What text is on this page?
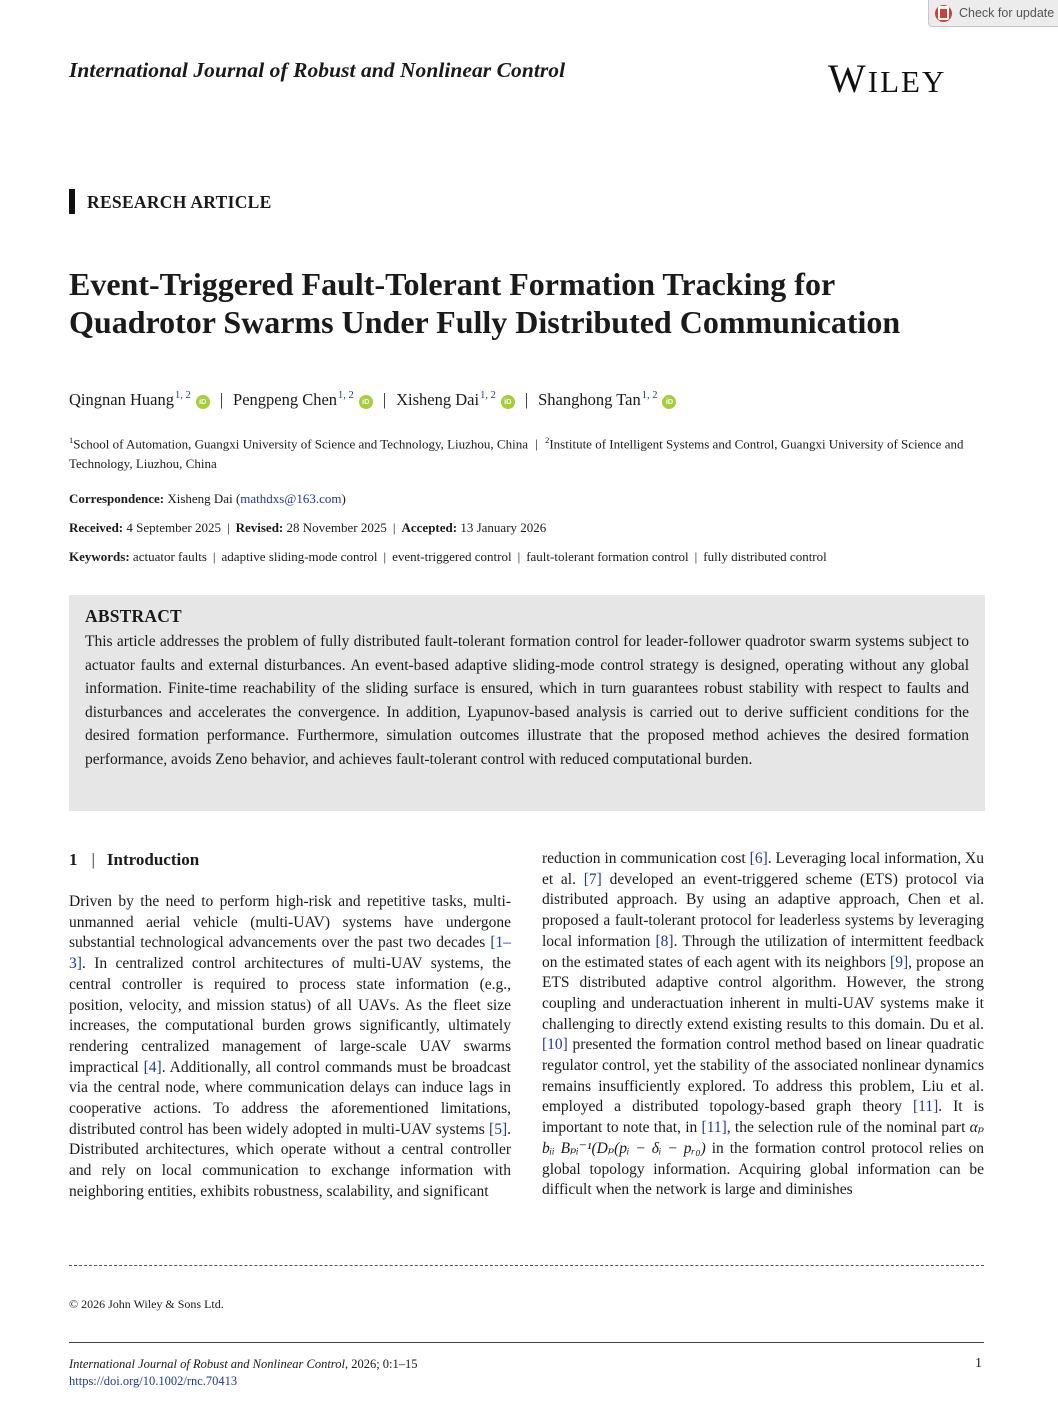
Check for update
International Journal of Robust and Nonlinear Control	WILEY
RESEARCH ARTICLE
Event-Triggered Fault-Tolerant Formation Tracking for Quadrotor Swarms Under Fully Distributed Communication
Qingnan Huang$^{1, 2}$iD | Pengpeng Chen$^{1, 2}$iD | Xisheng Dai$^{1, 2}$iD | Shanghong Tan$^{1, 2}$iD
$^1$School of Automation, Guangxi University of Science and Technology, Liuzhou, China | $^2$Institute of Intelligent Systems and Control, Guangxi University of Science and Technology, Liuzhou, China
Correspondence: Xisheng Dai (mathdxs@163.com)
Received: 4 September 2025 | Revised: 28 November 2025 | Accepted: 13 January 2026
Keywords: actuator faults | adaptive sliding-mode control | event-triggered control | fault-tolerant formation control | fully distributed control
ABSTRACT
This article addresses the problem of fully distributed fault-tolerant formation control for leader-follower quadrotor swarm systems subject to actuator faults and external disturbances. An event-based adaptive sliding-mode control strategy is designed, operating without any global information. Finite-time reachability of the sliding surface is ensured, which in turn guarantees robust stability with respect to faults and disturbances and accelerates the convergence. In addition, Lyapunov-based analysis is carried out to derive sufficient conditions for the desired formation performance. Furthermore, simulation outcomes illustrate that the proposed method achieves the desired formation performance, avoids Zeno behavior, and achieves fault-tolerant control with reduced computational burden.
1 | Introduction
Driven by the need to perform high-risk and repetitive tasks, multi-unmanned aerial vehicle (multi-UAV) systems have undergone substantial technological advancements over the past two decades [1–3]. In centralized control architectures of multi-UAV systems, the central controller is required to process state information (e.g., position, velocity, and mission status) of all UAVs. As the fleet size increases, the computational burden grows significantly, ultimately rendering centralized management of large-scale UAV swarms impractical [4]. Additionally, all control commands must be broadcast via the central node, where communication delays can induce lags in cooperative actions. To address the aforementioned limitations, distributed control has been widely adopted in multi-UAV systems [5]. Distributed architectures, which operate without a central controller and rely on local communication to exchange information with neighboring entities, exhibits robustness, scalability, and significant
reduction in communication cost [6]. Leveraging local information, Xu et al. [7] developed an event-triggered scheme (ETS) protocol via distributed approach. By using an adaptive approach, Chen et al. proposed a fault-tolerant protocol for leaderless systems by leveraging local information [8]. Through the utilization of intermittent feedback on the estimated states of each agent with its neighbors [9], propose an ETS distributed adaptive control algorithm. However, the strong coupling and underactuation inherent in multi-UAV systems make it challenging to directly extend existing results to this domain. Du et al. [10] presented the formation control method based on linear quadratic regulator control, yet the stability of the associated nonlinear dynamics remains insufficiently explored. To address this problem, Liu et al. employed a distributed topology-based graph theory [11]. It is important to note that, in [11], the selection rule of the nominal part αₚ bᵢᵢ Bₚᵢ⁻¹(Dₚ(pᵢ − δᵢ − pᵣ₀) in the formation control protocol relies on global topology information. Acquiring global information can be difficult when the network is large and diminishes
© 2026 John Wiley & Sons Ltd.
International Journal of Robust and Nonlinear Control, 2026; 0:1–15
https://doi.org/10.1002/rnc.70413
1
